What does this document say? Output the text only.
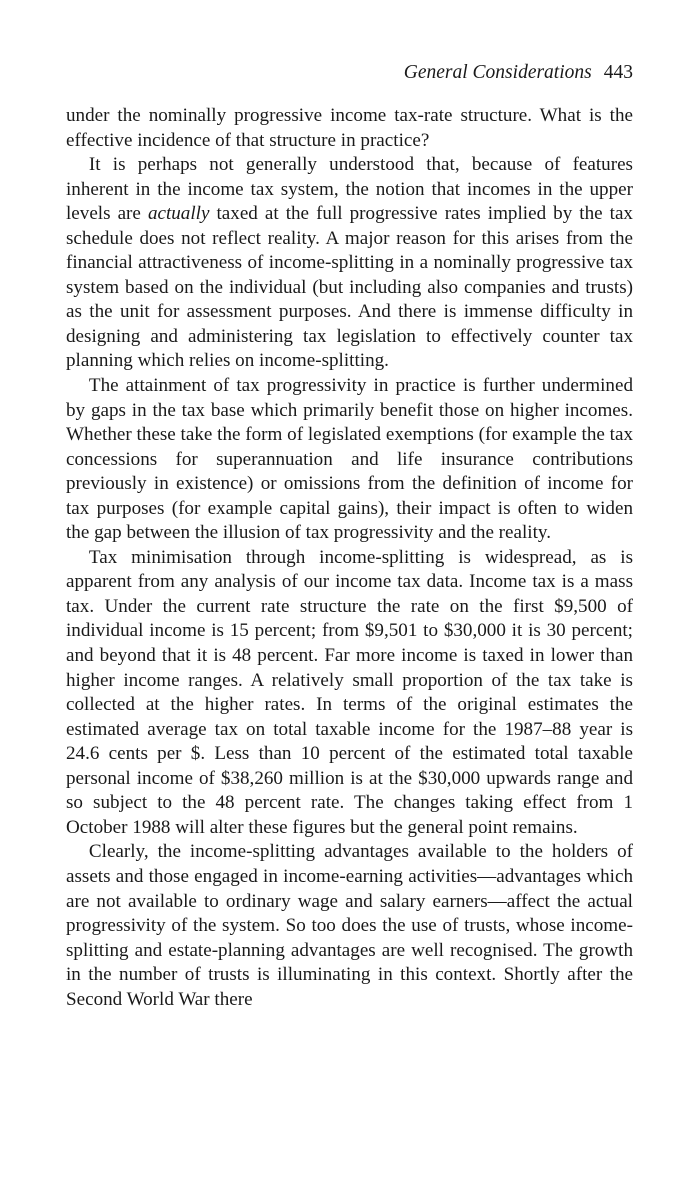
General Considerations 443

under the nominally progressive income tax-rate structure. What is the effective incidence of that structure in practice?

It is perhaps not generally understood that, because of features inherent in the income tax system, the notion that incomes in the upper levels are actually taxed at the full progressive rates implied by the tax schedule does not reflect reality. A major reason for this arises from the financial attractiveness of income-splitting in a nominally progressive tax system based on the individual (but including also companies and trusts) as the unit for assessment purposes. And there is immense difficulty in designing and administering tax legislation to effectively counter tax planning which relies on income-splitting.

The attainment of tax progressivity in practice is further undermined by gaps in the tax base which primarily benefit those on higher incomes. Whether these take the form of legislated exemptions (for example the tax concessions for superannuation and life insurance contributions previously in existence) or omissions from the definition of income for tax purposes (for example capital gains), their impact is often to widen the gap between the illusion of tax progressivity and the reality.

Tax minimisation through income-splitting is widespread, as is apparent from any analysis of our income tax data. Income tax is a mass tax. Under the current rate structure the rate on the first $9,500 of individual income is 15 percent; from $9,501 to $30,000 it is 30 percent; and beyond that it is 48 percent. Far more income is taxed in lower than higher income ranges. A relatively small proportion of the tax take is collected at the higher rates. In terms of the original estimates the estimated average tax on total taxable income for the 1987–88 year is 24.6 cents per $. Less than 10 percent of the estimated total taxable personal income of $38,260 million is at the $30,000 upwards range and so subject to the 48 percent rate. The changes taking effect from 1 October 1988 will alter these figures but the general point remains.

Clearly, the income-splitting advantages available to the holders of assets and those engaged in income-earning activities—advantages which are not available to ordinary wage and salary earners—affect the actual progressivity of the system. So too does the use of trusts, whose income-splitting and estate-planning advantages are well recognised. The growth in the number of trusts is illuminating in this context. Shortly after the Second World War there
